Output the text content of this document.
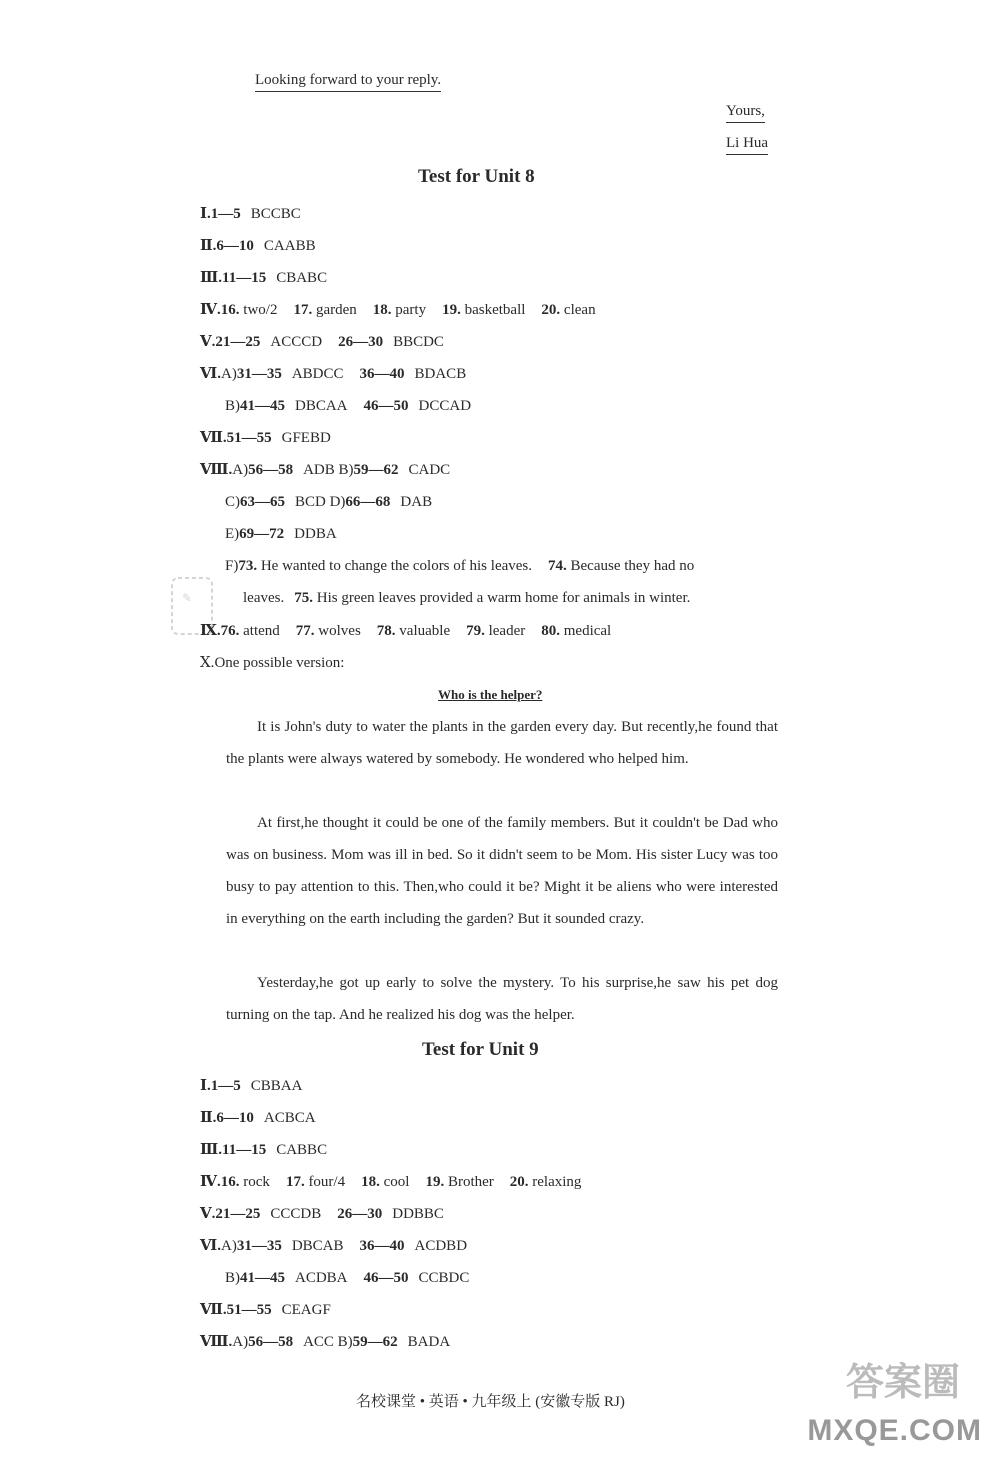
Looking forward to your reply.
Yours,
Li Hua
Test for Unit 8
Ⅰ.1—5 BCCBC
Ⅱ.6—10 CAABB
Ⅲ.11—15 CBABC
Ⅳ.16. two/2 17. garden 18. party 19. basketball 20. clean
Ⅴ.21—25 ACCCD 26—30 BBCDC
Ⅵ.A)31—35 ABDCC 36—40 BDACB
B)41—45 DBCAA 46—50 DCCAD
Ⅶ.51—55 GFEBD
Ⅷ.A)56—58 ADB B)59—62 CADC
C)63—65 BCD D)66—68 DAB
E)69—72 DDBA
F)73. He wanted to change the colors of his leaves. 74. Because they had no
leaves. 75. His green leaves provided a warm home for animals in winter.
✎
Ⅸ.76. attend 77. wolves 78. valuable 79. leader 80. medical
Ⅹ.One possible version:
Who is the helper?
It is John's duty to water the plants in the garden every day. But recently,he found that the plants were always watered by somebody. He wondered who helped him.
At first,he thought it could be one of the family members. But it couldn't be Dad who was on business. Mom was ill in bed. So it didn't seem to be Mom. His sister Lucy was too busy to pay attention to this. Then,who could it be? Might it be aliens who were interested in everything on the earth including the garden? But it sounded crazy.
Yesterday,he got up early to solve the mystery. To his surprise,he saw his pet dog turning on the tap. And he realized his dog was the helper.
Test for Unit 9
Ⅰ.1—5 CBBAA
Ⅱ.6—10 ACBCA
Ⅲ.11—15 CABBC
Ⅳ.16. rock 17. four/4 18. cool 19. Brother 20. relaxing
Ⅴ.21—25 CCCDB 26—30 DDBBC
Ⅵ.A)31—35 DBCAB 36—40 ACDBD
B)41—45 ACDBA 46—50 CCBDC
Ⅶ.51—55 CEAGF
Ⅷ.A)56—58 ACC B)59—62 BADA
名校课堂 • 英语 • 九年级上 (安徽专版 RJ)	答案圈
MXQE.COM
